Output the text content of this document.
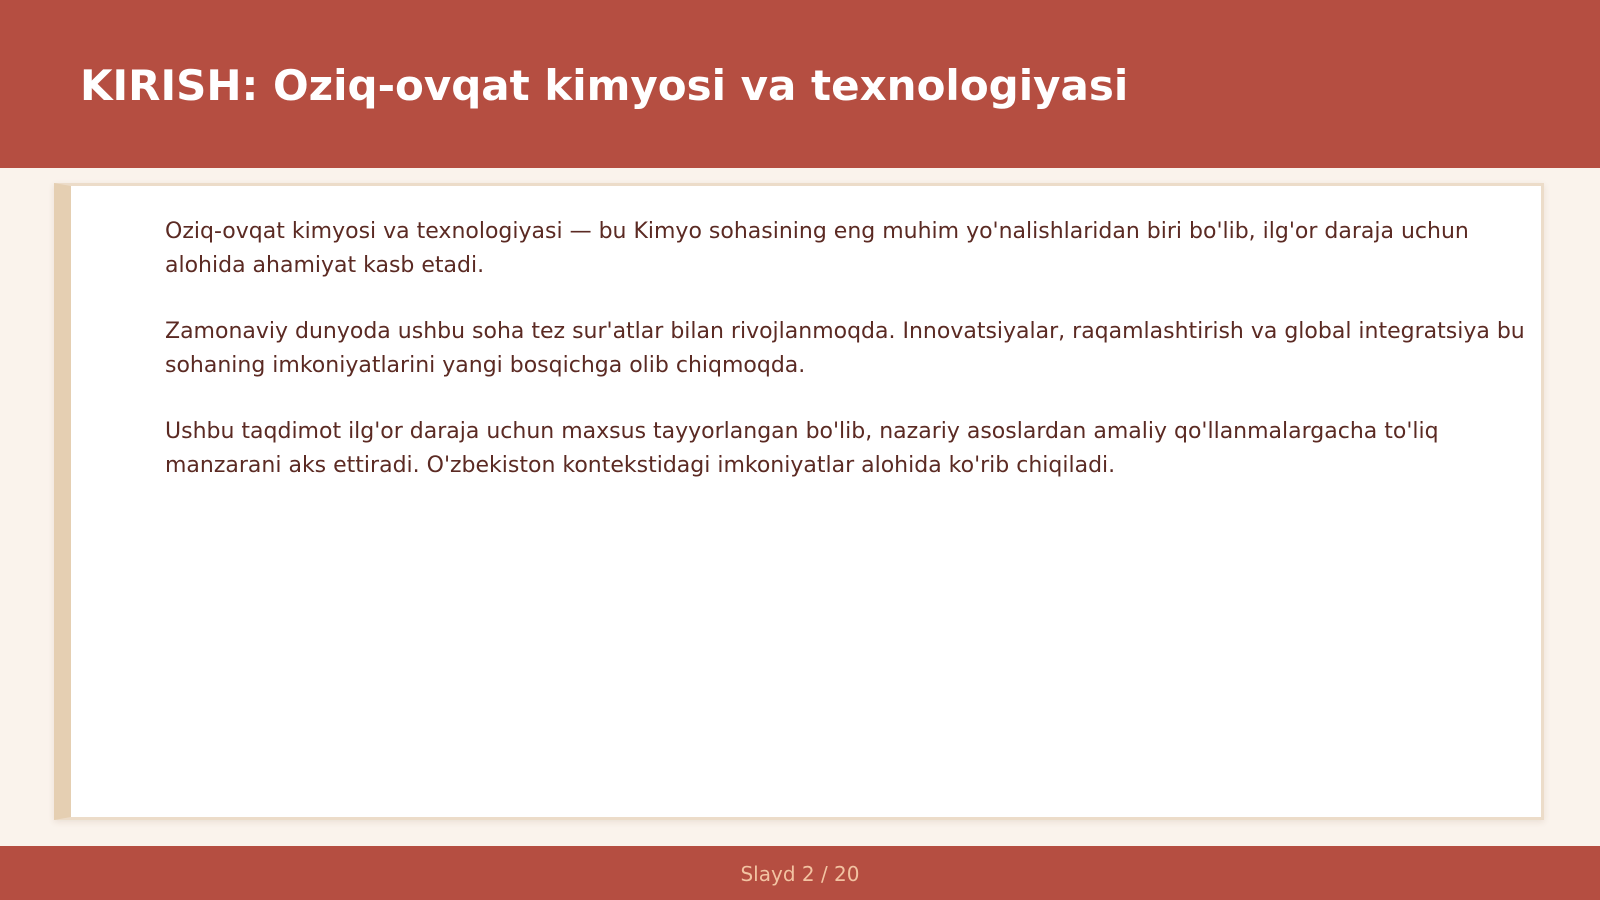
KIRISH: Oziq-ovqat kimyosi va texnologiyasi

Oziq-ovqat kimyosi va texnologiyasi — bu Kimyo sohasining eng muhim yo'nalishlaridan biri bo'lib, ilg'or daraja uchun alohida ahamiyat kasb etadi.

Zamonaviy dunyoda ushbu soha tez sur'atlar bilan rivojlanmoqda. Innovatsiyalar, raqamlashtirish va global integratsiya bu sohaning imkoniyatlarini yangi bosqichga olib chiqmoqda.

Ushbu taqdimot ilg'or daraja uchun maxsus tayyorlangan bo'lib, nazariy asoslardan amaliy qo'llanmalargacha to'liq manzarani aks ettiradi. O'zbekiston kontekstidagi imkoniyatlar alohida ko'rib chiqiladi.

Slayd 2 / 20
